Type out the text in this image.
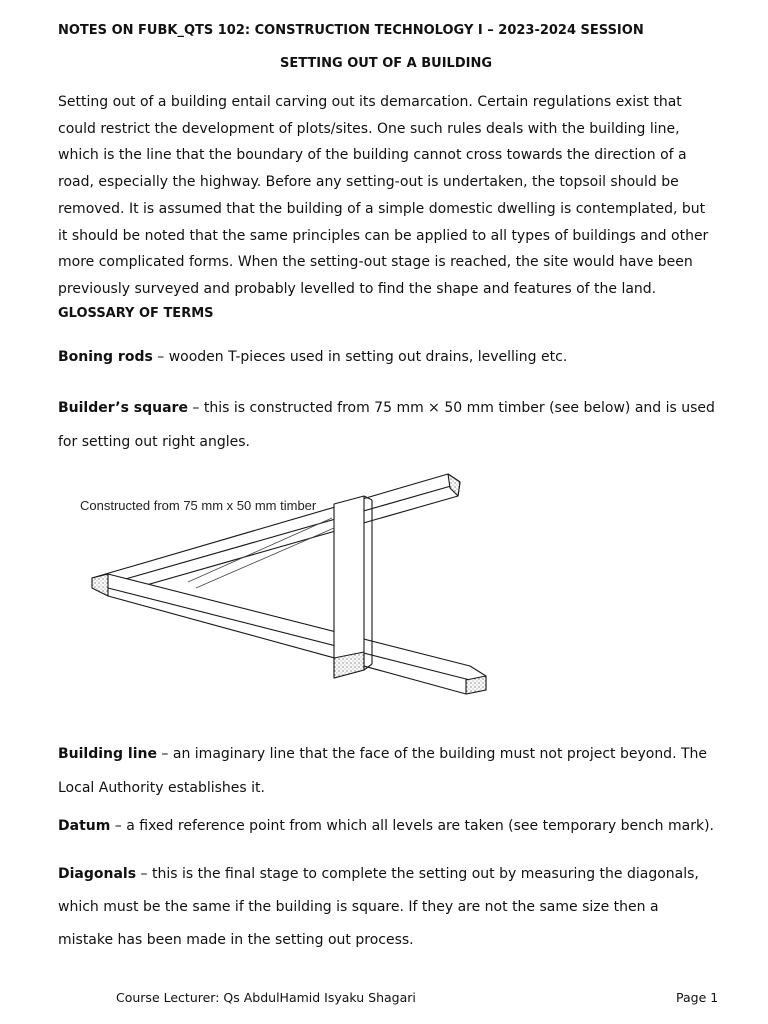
NOTES ON FUBK_QTS 102: CONSTRUCTION TECHNOLOGY I – 2023-2024 SESSION

SETTING OUT OF A BUILDING

Setting out of a building entail carving out its demarcation. Certain regulations exist that could restrict the development of plots/sites. One such rules deals with the building line, which is the line that the boundary of the building cannot cross towards the direction of a road, especially the highway. Before any setting-out is undertaken, the topsoil should be removed. It is assumed that the building of a simple domestic dwelling is contemplated, but it should be noted that the same principles can be applied to all types of buildings and other more complicated forms. When the setting-out stage is reached, the site would have been previously surveyed and probably levelled to find the shape and features of the land.

GLOSSARY OF TERMS

Boning rods – wooden T-pieces used in setting out drains, levelling etc.

Builder’s square – this is constructed from 75 mm × 50 mm timber (see below) and is used for setting out right angles.

Constructed from 75 mm x 50 mm timber

Building line – an imaginary line that the face of the building must not project beyond. The Local Authority establishes it.

Datum – a fixed reference point from which all levels are taken (see temporary bench mark).

Diagonals – this is the final stage to complete the setting out by measuring the diagonals, which must be the same if the building is square. If they are not the same size then a mistake has been made in the setting out process.

Course Lecturer: Qs AbdulHamid Isyaku Shagari	Page 1
